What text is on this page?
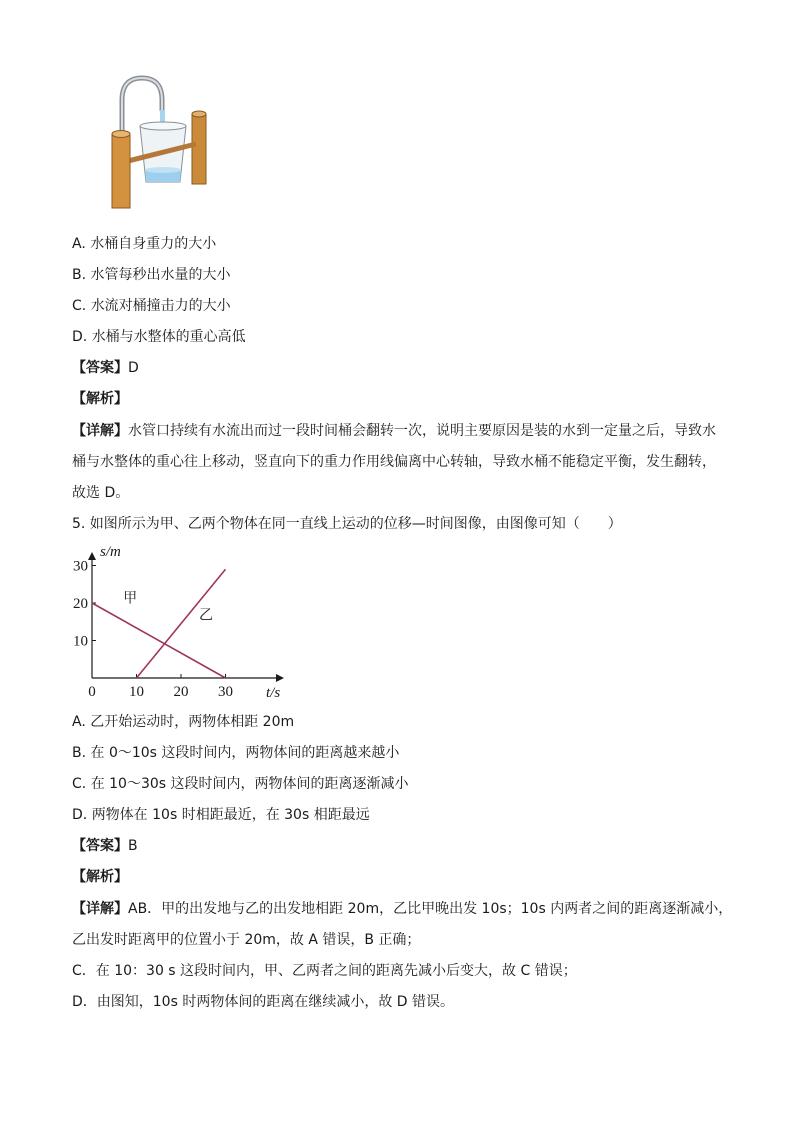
A. 水桶自身重力的大小
B. 水管每秒出水量的大小
C. 水流对桶撞击力的大小
D. 水桶与水整体的重心高低
【答案】D
【解析】
【详解】水管口持续有水流出而过一段时间桶会翻转一次，说明主要原因是装的水到一定量之后，导致水
桶与水整体的重心往上移动，竖直向下的重力作用线偏离中心转轴，导致水桶不能稳定平衡，发生翻转，
故选 D。
5. 如图所示为甲、乙两个物体在同一直线上运动的位移—时间图像，由图像可知（　　）
10
20
30
0 10 20 30
甲
乙
s/m
t/s
A. 乙开始运动时，两物体相距 20m
B. 在 0～10s 这段时间内，两物体间的距离越来越小
C. 在 10～30s 这段时间内，两物体间的距离逐渐减小
D. 两物体在 10s 时相距最近，在 30s 相距最远
【答案】B
【解析】
【详解】AB．甲的出发地与乙的出发地相距 20m，乙比甲晚出发 10s；10s 内两者之间的距离逐渐减小，
乙出发时距离甲的位置小于 20m，故 A 错误，B 正确；
C．在 10：30 s 这段时间内，甲、乙两者之间的距离先减小后变大，故 C 错误；
D．由图知，10s 时两物体间的距离在继续减小，故 D 错误。
